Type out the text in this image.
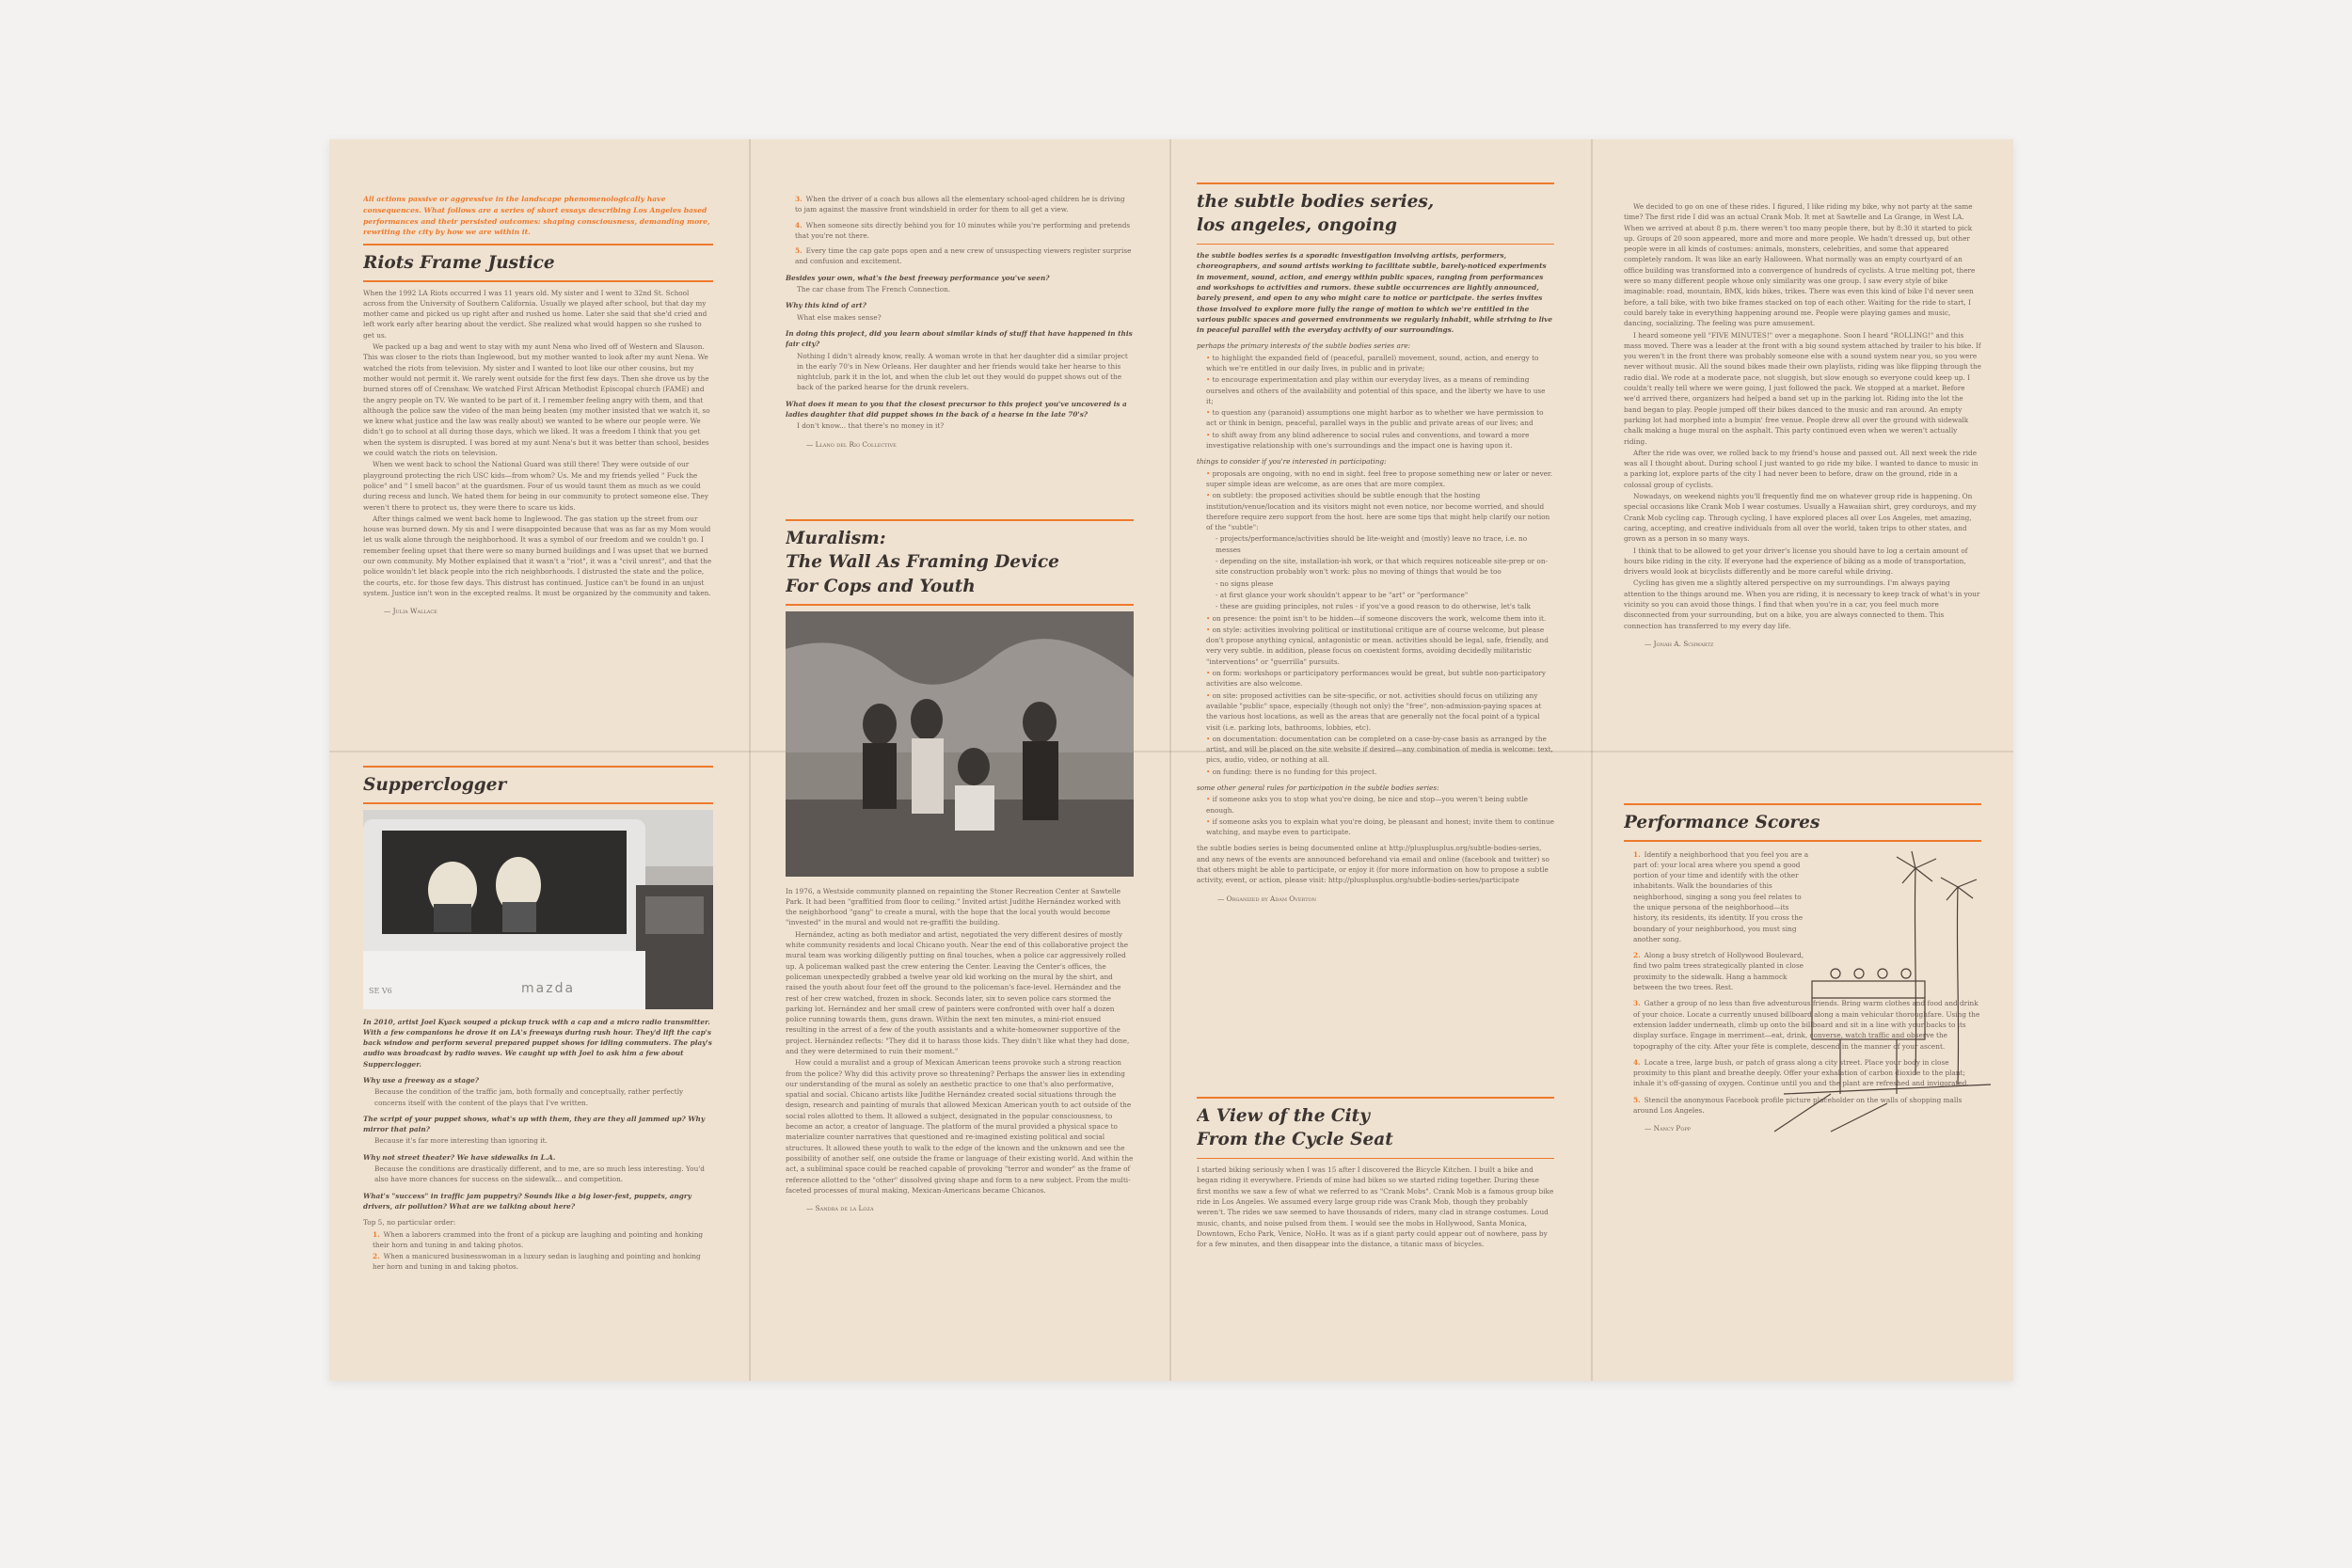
All actions passive or aggressive in the landscape phenomenologically have consequences. What follows are a series of short essays describing Los Angeles based performances and their persisted outcomes: shaping consciousness, demanding more, rewriting the city by how we are within it.
Riots Frame Justice

When the 1992 LA Riots occurred I was 11 years old. My sister and I went to 32nd St. School across from the University of Southern California. Usually we played after school, but that day my mother came and picked us up right after and rushed us home. Later she said that she'd cried and left work early after hearing about the verdict. She realized what would happen so she rushed to get us.

We packed up a bag and went to stay with my aunt Nena who lived off of Western and Slauson. This was closer to the riots than Inglewood, but my mother wanted to look after my aunt Nena. We watched the riots from television. My sister and I wanted to loot like our other cousins, but my mother would not permit it. We rarely went outside for the first few days. Then she drove us by the burned stores off of Crenshaw. We watched First African Methodist Episcopal church (FAME) and the angry people on TV. We wanted to be part of it. I remember feeling angry with them, and that although the police saw the video of the man being beaten (my mother insisted that we watch it, so we knew what justice and the law was really about) we wanted to be where our people were. We didn't go to school at all during those days, which we liked. It was a freedom I think that you get when the system is disrupted. I was bored at my aunt Nena's but it was better than school, besides we could watch the riots on television.

When we went back to school the National Guard was still there! They were outside of our playground protecting the rich USC kids—from whom? Us. Me and my friends yelled " Fuck the police" and " I smell bacon" at the guardsmen. Four of us would taunt them as much as we could during recess and lunch. We hated them for being in our community to protect someone else. They weren't there to protect us, they were there to scare us kids.

After things calmed we went back home to Inglewood. The gas station up the street from our house was burned down. My sis and I were disappointed because that was as far as my Mom would let us walk alone through the neighborhood. It was a symbol of our freedom and we couldn't go. I remember feeling upset that there were so many burned buildings and I was upset that we burned our own community. My Mother explained that it wasn't a "riot", it was a "civil unrest", and that the police wouldn't let black people into the rich neighborhoods. I distrusted the state and the police, the courts, etc. for those few days. This distrust has continued. Justice can't be found in an unjust system. Justice isn't won in the excepted realms. It must be organized by the community and taken.

— Julia Wallace

Supperclogger
SE V6	mazda

In 2010, artist Joel Kyack souped a pickup truck with a cap and a micro radio transmitter. With a few companions he drove it on LA's freeways during rush hour. They'd lift the cap's back window and perform several prepared puppet shows for idling commuters. The play's audio was broadcast by radio waves. We caught up with Joel to ask him a few about Supperclogger.

Why use a freeway as a stage?

Because the condition of the traffic jam, both formally and conceptually, rather perfectly concerns itself with the content of the plays that I've written.

The script of your puppet shows, what's up with them, they are they all jammed up? Why mirror that pain?

Because it's far more interesting than ignoring it.

Why not street theater? We have sidewalks in L.A.

Because the conditions are drastically different, and to me, are so much less interesting. You'd also have more chances for success on the sidewalk... and competition.

What's "success" in traffic jam puppetry? Sounds like a big loser-fest, puppets, angry drivers, air pollution? What are we talking about here?

Top 5, no particular order:

1. When a laborers crammed into the front of a pickup are laughing and pointing and honking their horn and tuning in and taking photos.

2. When a manicured businesswoman in a luxury sedan is laughing and pointing and honking her horn and tuning in and taking photos.

3. When the driver of a coach bus allows all the elementary school-aged children he is driving to jam against the massive front windshield in order for them to all get a view.

4. When someone sits directly behind you for 10 minutes while you're performing and pretends that you're not there.

5. Every time the cap gate pops open and a new crew of unsuspecting viewers register surprise and confusion and excitement.

Besides your own, what's the best freeway performance you've seen?

The car chase from The French Connection.

Why this kind of art?

What else makes sense?

In doing this project, did you learn about similar kinds of stuff that have happened in this fair city?

Nothing I didn't already know, really. A woman wrote in that her daughter did a similar project in the early 70's in New Orleans. Her daughter and her friends would take her hearse to this nightclub, park it in the lot, and when the club let out they would do puppet shows out of the back of the parked hearse for the drunk revelers.

What does it mean to you that the closest precursor to this project you've uncovered is a ladies daughter that did puppet shows in the back of a hearse in the late 70's?

I don't know... that there's no money in it?

— Llano del Rio Collective

Muralism:
The Wall As Framing Device
For Cops and Youth

In 1976, a Westside community planned on repainting the Stoner Recreation Center at Sawtelle Park. It had been "graffitied from floor to ceiling." Invited artist Judithe Hernández worked with the neighborhood "gang" to create a mural, with the hope that the local youth would become "invested" in the mural and would not re-graffiti the building.

Hernández, acting as both mediator and artist, negotiated the very different desires of mostly white community residents and local Chicano youth. Near the end of this collaborative project the mural team was working diligently putting on final touches, when a police car aggressively rolled up. A policeman walked past the crew entering the Center. Leaving the Center's offices, the policeman unexpectedly grabbed a twelve year old kid working on the mural by the shirt, and raised the youth about four feet off the ground to the policeman's face-level. Hernández and the rest of her crew watched, frozen in shock. Seconds later, six to seven police cars stormed the parking lot. Hernández and her small crew of painters were confronted with over half a dozen police running towards them, guns drawn. Within the next ten minutes, a mini-riot ensued resulting in the arrest of a few of the youth assistants and a white-homeowner supportive of the project. Hernández reflects: "They did it to harass those kids. They didn't like what they had done, and they were determined to ruin their moment."

How could a muralist and a group of Mexican American teens provoke such a strong reaction from the police? Why did this activity prove so threatening? Perhaps the answer lies in extending our understanding of the mural as solely an aesthetic practice to one that's also performative, spatial and social. Chicano artists like Judithe Hernández created social situations through the design, research and painting of murals that allowed Mexican American youth to act outside of the social roles allotted to them. It allowed a subject, designated in the popular consciousness, to become an actor, a creator of language. The platform of the mural provided a physical space to materialize counter narratives that questioned and re-imagined existing political and social structures. It allowed these youth to walk to the edge of the known and the unknown and see the possibility of another self, one outside the frame or language of their existing world. And within the act, a subliminal space could be reached capable of provoking "terror and wonder" as the frame of reference allotted to the "other" dissolved giving shape and form to a new subject. From the multi-faceted processes of mural making, Mexican-Americans became Chicanos.

— Sandra de la Loza

the subtle bodies series,
los angeles, ongoing

the subtle bodies series is a sporadic investigation involving artists, performers, choreographers, and sound artists working to facilitate subtle, barely-noticed experiments in movement, sound, action, and energy within public spaces, ranging from performances and workshops to activities and rumors. these subtle occurrences are lightly announced, barely present, and open to any who might care to notice or participate. the series invites those involved to explore more fully the range of motion to which we're entitled in the various public spaces and governed environments we regularly inhabit, while striving to live in peaceful parallel with the everyday activity of our surroundings.

perhaps the primary interests of the subtle bodies series are:

• to highlight the expanded field of (peaceful, parallel) movement, sound, action, and energy to which we're entitled in our daily lives, in public and in private;

• to encourage experimentation and play within our everyday lives, as a means of reminding ourselves and others of the availability and potential of this space, and the liberty we have to use it;

• to question any (paranoid) assumptions one might harbor as to whether we have permission to act or think in benign, peaceful, parallel ways in the public and private areas of our lives; and

• to shift away from any blind adherence to social rules and conventions, and toward a more investigative relationship with one's surroundings and the impact one is having upon it.

things to consider if you're interested in participating:

• proposals are ongoing, with no end in sight. feel free to propose something new or later or never. super simple ideas are welcome, as are ones that are more complex.

• on subtlety: the proposed activities should be subtle enough that the hosting institution/venue/location and its visitors might not even notice, nor become worried, and should therefore require zero support from the host. here are some tips that might help clarify our notion of the "subtle":

- projects/performance/activities should be lite-weight and (mostly) leave no trace, i.e. no messes

- depending on the site, installation-ish work, or that which requires noticeable site-prep or on-site construction probably won't work: plus no moving of things that would be too

- no signs please

- at first glance your work shouldn't appear to be "art" or "performance"

- these are guiding principles, not rules - if you've a good reason to do otherwise, let's talk

• on presence: the point isn't to be hidden—if someone discovers the work, welcome them into it.

• on style: activities involving political or institutional critique are of course welcome, but please don't propose anything cynical, antagonistic or mean. activities should be legal, safe, friendly, and very very subtle. in addition, please focus on coexistent forms, avoiding decidedly militaristic "interventions" or "guerrilla" pursuits.

• on form: workshops or participatory performances would be great, but subtle non-participatory activities are also welcome.

• on site: proposed activities can be site-specific, or not. activities should focus on utilizing any available "public" space, especially (though not only) the "free", non-admission-paying spaces at the various host locations, as well as the areas that are generally not the focal point of a typical visit (i.e. parking lots, bathrooms, lobbies, etc).

• on documentation: documentation can be completed on a case-by-case basis as arranged by the artist, and will be placed on the site website if desired—any combination of media is welcome: text, pics, audio, video, or nothing at all.

• on funding: there is no funding for this project.

some other general rules for participation in the subtle bodies series:

• if someone asks you to stop what you're doing, be nice and stop—you weren't being subtle enough.

• if someone asks you to explain what you're doing, be pleasant and honest; invite them to continue watching, and maybe even to participate.

the subtle bodies series is being documented online at http://plusplusplus.org/subtle-bodies-series, and any news of the events are announced beforehand via email and online (facebook and twitter) so that others might be able to participate, or enjoy it (for more information on how to propose a subtle activity, event, or action, please visit: http://plusplusplus.org/subtle-bodies-series/participate

— Organized by Adam Overton

A View of the City
From the Cycle Seat

I started biking seriously when I was 15 after I discovered the Bicycle Kitchen. I built a bike and began riding it everywhere. Friends of mine had bikes so we started riding together. During these first months we saw a few of what we referred to as "Crank Mobs". Crank Mob is a famous group bike ride in Los Angeles. We assumed every large group ride was Crank Mob, though they probably weren't. The rides we saw seemed to have thousands of riders, many clad in strange costumes. Loud music, chants, and noise pulsed from them. I would see the mobs in Hollywood, Santa Monica, Downtown, Echo Park, Venice, NoHo. It was as if a giant party could appear out of nowhere, pass by for a few minutes, and then disappear into the distance, a titanic mass of bicycles.

We decided to go on one of these rides. I figured, I like riding my bike, why not party at the same time? The first ride I did was an actual Crank Mob. It met at Sawtelle and La Grange, in West LA. When we arrived at about 8 p.m. there weren't too many people there, but by 8:30 it started to pick up. Groups of 20 soon appeared, more and more and more people. We hadn't dressed up, but other people were in all kinds of costumes: animals, monsters, celebrities, and some that appeared completely random. It was like an early Halloween. What normally was an empty courtyard of an office building was transformed into a convergence of hundreds of cyclists. A true melting pot, there were so many different people whose only similarity was one group. I saw every style of bike imaginable: road, mountain, BMX, kids bikes, trikes. There was even this kind of bike I'd never seen before, a tall bike, with two bike frames stacked on top of each other. Waiting for the ride to start, I could barely take in everything happening around me. People were playing games and music, dancing, socializing. The feeling was pure amusement.

I heard someone yell "FIVE MINUTES!" over a megaphone. Soon I heard "ROLLING!" and this mass moved. There was a leader at the front with a big sound system attached by trailer to his bike. If you weren't in the front there was probably someone else with a sound system near you, so you were never without music. All the sound bikes made their own playlists, riding was like flipping through the radio dial. We rode at a moderate pace, not sluggish, but slow enough so everyone could keep up. I couldn't really tell where we were going, I just followed the pack. We stopped at a market. Before we'd arrived there, organizers had helped a band set up in the parking lot. Riding into the lot the band began to play. People jumped off their bikes danced to the music and ran around. An empty parking lot had morphed into a bumpin' free venue. People drew all over the ground with sidewalk chalk making a huge mural on the asphalt. This party continued even when we weren't actually riding.

After the ride was over, we rolled back to my friend's house and passed out. All next week the ride was all I thought about. During school I just wanted to go ride my bike. I wanted to dance to music in a parking lot, explore parts of the city I had never been to before, draw on the ground, ride in a colossal group of cyclists.

Nowadays, on weekend nights you'll frequently find me on whatever group ride is happening. On special occasions like Crank Mob I wear costumes. Usually a Hawaiian shirt, grey corduroys, and my Crank Mob cycling cap. Through cycling, I have explored places all over Los Angeles, met amazing, caring, accepting, and creative individuals from all over the world, taken trips to other states, and grown as a person in so many ways.

I think that to be allowed to get your driver's license you should have to log a certain amount of hours bike riding in the city. If everyone had the experience of biking as a mode of transportation, drivers would look at bicyclists differently and be more careful while driving.

Cycling has given me a slightly altered perspective on my surroundings. I'm always paying attention to the things around me. When you are riding, it is necessary to keep track of what's in your vicinity so you can avoid those things. I find that when you're in a car, you feel much more disconnected from your surrounding, but on a bike, you are always connected to them. This connection has transferred to my every day life.

— Jonah A. Schwartz

Performance Scores

1. Identify a neighborhood that you feel you are a part of: your local area where you spend a good portion of your time and identify with the other inhabitants. Walk the boundaries of this neighborhood, singing a song you feel relates to the unique persona of the neighborhood—its history, its residents, its identity. If you cross the boundary of your neighborhood, you must sing another song.

2. Along a busy stretch of Hollywood Boulevard, find two palm trees strategically planted in close proximity to the sidewalk. Hang a hammock between the two trees. Rest.

3. Gather a group of no less than five adventurous friends. Bring warm clothes and food and drink of your choice. Locate a currently unused billboard along a main vehicular thoroughfare. Using the extension ladder underneath, climb up onto the billboard and sit in a line with your backs to its display surface. Engage in merriment—eat, drink, converse, watch traffic and observe the topography of the city. After your fête is complete, descend in the manner of your ascent.

4. Locate a tree, large bush, or patch of grass along a city street. Place your body in close proximity to this plant and breathe deeply. Offer your exhalation of carbon dioxide to the plant; inhale it's off-gassing of oxygen. Continue until you and the plant are refreshed and invigorated.

5. Stencil the anonymous Facebook profile picture placeholder on the walls of shopping malls around Los Angeles.

— Nancy Popp
